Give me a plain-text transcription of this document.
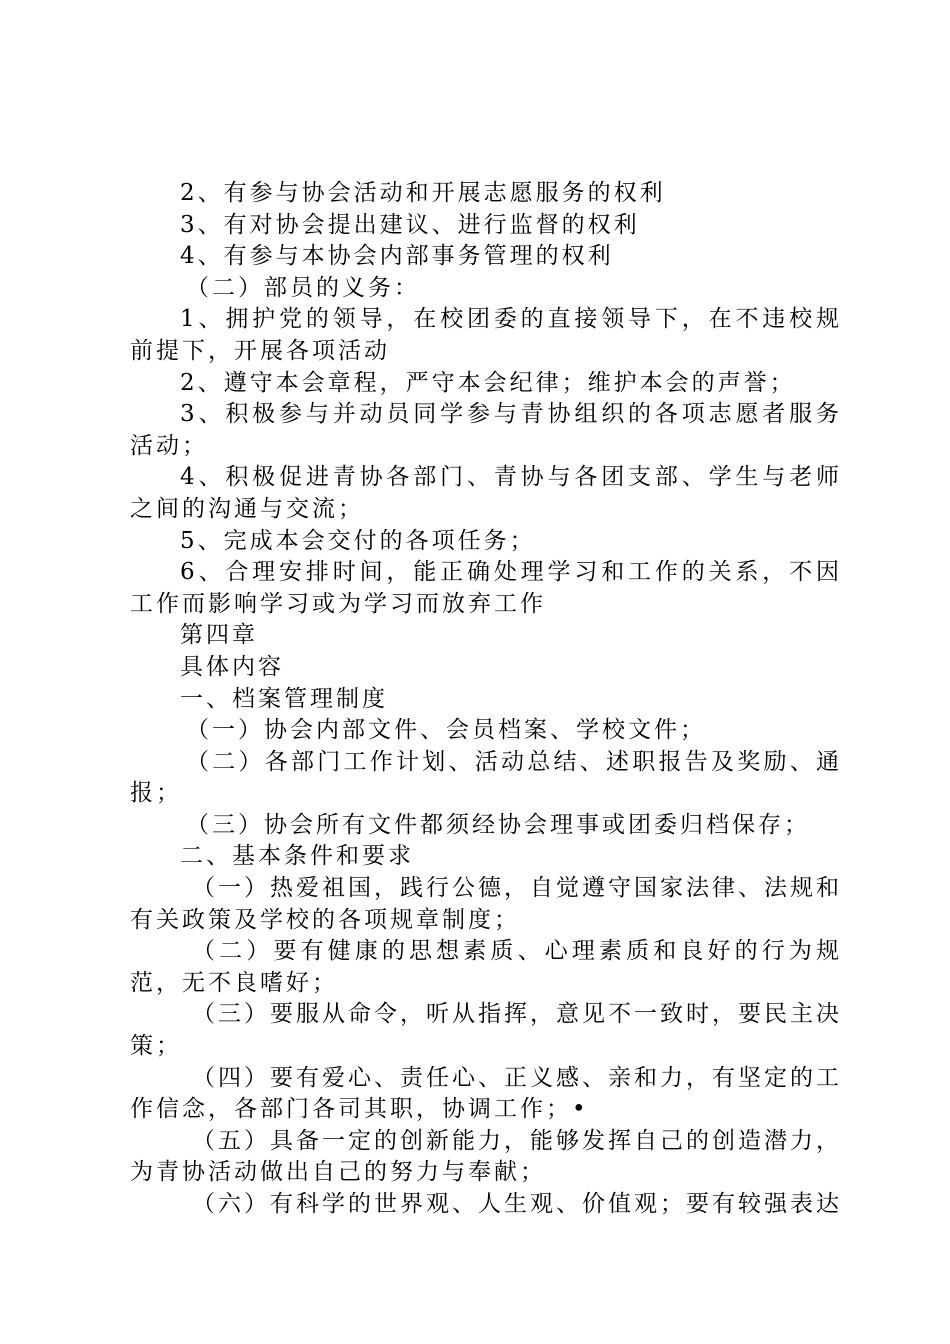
2、有参与协会活动和开展志愿服务的权利

3、有对协会提出建议、进行监督的权利

4、有参与本协会内部事务管理的权利

（二）部员的义务：

1、拥护党的领导，在校团委的直接领导下，在不违校规前提下，开展各项活动

2、遵守本会章程，严守本会纪律；维护本会的声誉；

3、积极参与并动员同学参与青协组织的各项志愿者服务活动；

4、积极促进青协各部门、青协与各团支部、学生与老师之间的沟通与交流；

5、完成本会交付的各项任务；

6、合理安排时间，能正确处理学习和工作的关系，不因工作而影响学习或为学习而放弃工作

第四章

具体内容

一、档案管理制度

（一）协会内部文件、会员档案、学校文件；

（二）各部门工作计划、活动总结、述职报告及奖励、通报；

（三）协会所有文件都须经协会理事或团委归档保存；

二、基本条件和要求

（一）热爱祖国，践行公德，自觉遵守国家法律、法规和有关政策及学校的各项规章制度；

（二）要有健康的思想素质、心理素质和良好的行为规范，无不良嗜好；

（三）要服从命令，听从指挥，意见不一致时，要民主决策；

（四）要有爱心、责任心、正义感、亲和力，有坚定的工作信念，各部门各司其职，协调工作；•

（五）具备一定的创新能力，能够发挥自己的创造潜力，为青协活动做出自己的努力与奉献；

（六）有科学的世界观、人生观、价值观；要有较强表达
